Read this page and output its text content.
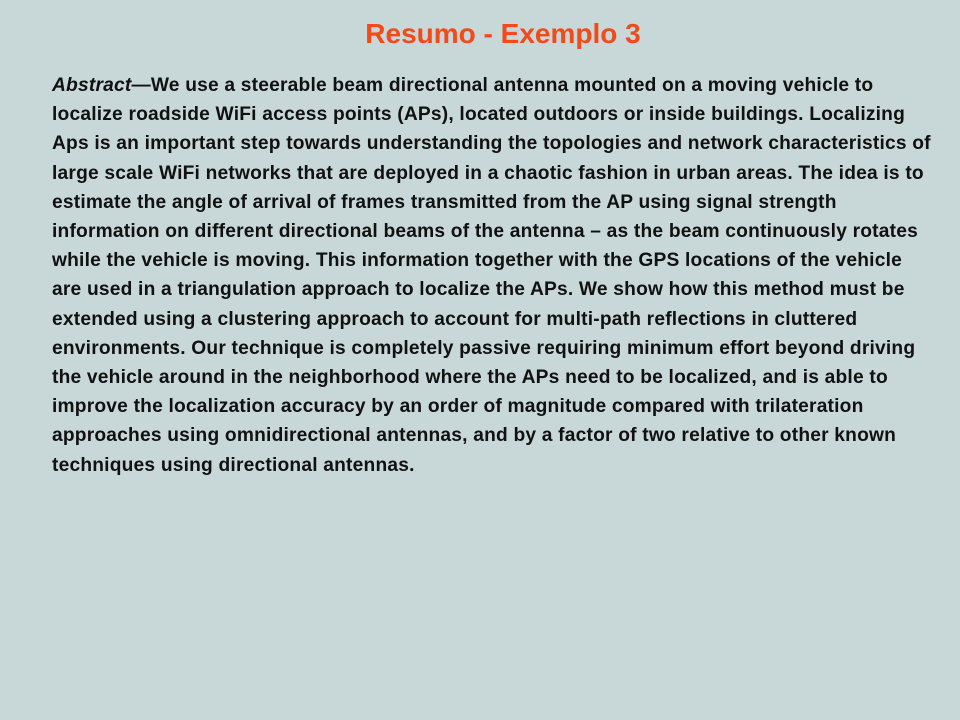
Resumo - Exemplo 3

Abstract—We use a steerable beam directional antenna mounted on a moving vehicle to localize roadside WiFi access points (APs), located outdoors or inside buildings. Localizing Aps is an important step towards understanding the topologies and network characteristics of large scale WiFi networks that are deployed in a chaotic fashion in urban areas. The idea is to estimate the angle of arrival of frames transmitted from the AP using signal strength information on different directional beams of the antenna – as the beam continuously rotates while the vehicle is moving. This information together with the GPS locations of the vehicle are used in a triangulation approach to localize the APs. We show how this method must be extended using a clustering approach to account for multi-path reflections in cluttered environments. Our technique is completely passive requiring minimum effort beyond driving the vehicle around in the neighborhood where the APs need to be localized, and is able to improve the localization accuracy by an order of magnitude compared with trilateration approaches using omnidirectional antennas, and by a factor of two relative to other known techniques using directional antennas.
